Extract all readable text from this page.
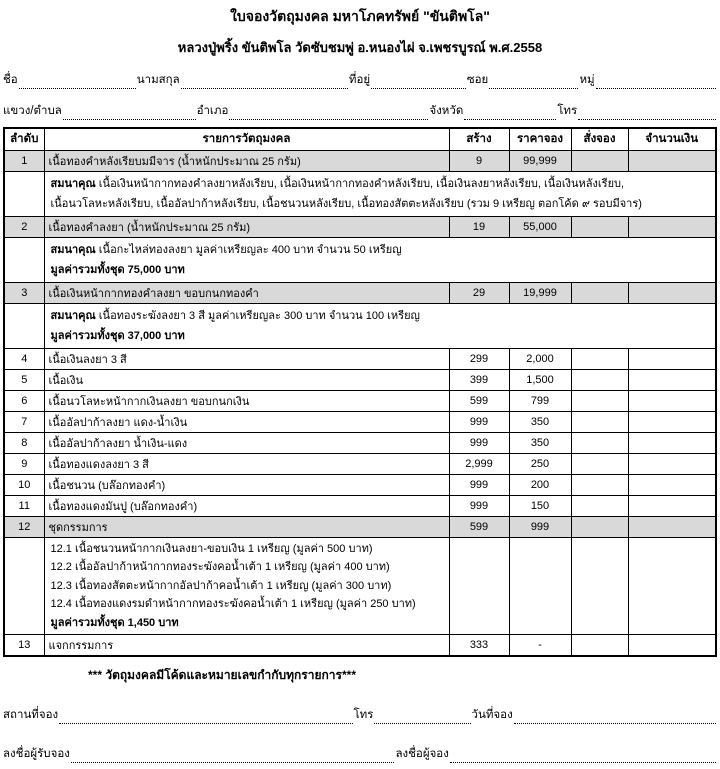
ใบจองวัตถุมงคล มหาโภคทรัพย์ "ขันติพโล"
หลวงปู่พริ้ง ขันติพโล วัดซับชมพู่ อ.หนองไผ่ จ.เพชรบูรณ์ พ.ศ.2558
ชื่อ	นามสกุล	ที่อยู่	ซอย	หมู่
แขวง/ตำบล	อำเภอ	จังหวัด	โทร
ลำดับ	รายการวัตถุมงคล	สร้าง	ราคาจอง	สั่งจอง	จำนวนเงิน
1	เนื้อทองคำหลังเรียบมมีจาร (น้ำหนักประมาณ 25 กรัม)	9	99,999		

	สมนาคุณ เนื้อเงินหน้ากากทองคำลงยาหลังเรียบ, เนื้อเงินหน้ากากทองคำหลังเรียบ, เนื้อเงินลงยาหลังเรียบ, เนื้อเงินหลังเรียบ,
เนื้อนวโลหะหลังเรียบ, เนื้ออัลปาก้าหลังเรียบ, เนื้อชนวนหลังเรียบ, เนื้อทองสัตตะหลังเรียบ (รวม 9 เหรียญ ตอกโค้ด ๙ รอบมีจาร)				

2	เนื้อทองคำลงยา (น้ำหนักประมาณ 25 กรัม)	19	55,000		

	สมนาคุณ เนื้อกะไหล่ทองลงยา มูลค่าเหรียญละ 400 บาท จำนวน 50 เหรียญ
มูลค่ารวมทั้งชุด 75,000 บาท				

3	เนื้อเงินหน้ากากทองคำลงยา ขอบกนกทองคำ	29	19,999		

	สมนาคุณ เนื้อทองระฆังลงยา 3 สี มูลค่าเหรียญละ 300 บาท จำนวน 100 เหรียญ
มูลค่ารวมทั้งชุด 37,000 บาท				

4	เนื้อเงินลงยา 3 สี	299	2,000		
5	เนื้อเงิน	399	1,500		
6	เนื้อนวโลหะหน้ากากเงินลงยา ขอบกนกเงิน	599	799		
7	เนื้ออัลปาก้าลงยา แดง-น้ำเงิน	999	350		
8	เนื้ออัลปาก้าลงยา น้ำเงิน-แดง	999	350		
9	เนื้อทองแดงลงยา 3 สี	2,999	250		
10	เนื้อชนวน (บล๊อกทองคำ)	999	200		
11	เนื้อทองแดงมันปู (บล๊อกทองคำ)	999	150		
12	ชุดกรรมการ	599	999		

	12.1 เนื้อชนวนหน้ากากเงินลงยา-ขอบเงิน 1 เหรียญ (มูลค่า 500 บาท)
12.2 เนื้ออัลปาก้าหน้ากากทองระฆังคอน้ำเต้า 1 เหรียญ (มูลค่า 400 บาท)
12.3 เนื้อทองสัตตะหน้ากากอัลปาก้าคอน้ำเต้า 1 เหรียญ (มูลค่า 300 บาท)
12.4 เนื้อทองแดงรมดำหน้ากากทองระฆังคอน้ำเต้า 1 เหรียญ (มูลค่า 250 บาท)
มูลค่ารวมทั้งชุด 1,450 บาท				

13	แจกกรรมการ	333	-		
*** วัตถุมงคลมีโค้ดและหมายเลขกำกับทุกรายการ***
สถานที่จอง	โทร	วันที่จอง
ลงชื่อผู้รับจอง	ลงชื่อผู้จอง
